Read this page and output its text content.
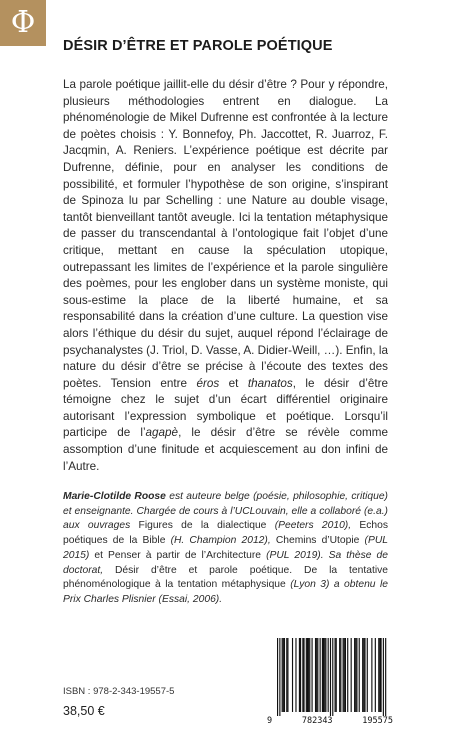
Φ
DÉSIR D’ÊTRE ET PAROLE POÉTIQUE

La parole poétique jaillit-elle du désir d’être ? Pour y répondre, plusieurs méthodologies entrent en dialogue. La phénoménologie de Mikel Dufrenne est confrontée à la lecture de poètes choisis : Y. Bonnefoy, Ph. Jaccottet, R. Juarroz, F. Jacqmin, A. Reniers. L’expérience poétique est décrite par Dufrenne, définie, pour en analyser les conditions de possibilité, et formuler l’hypothèse de son origine, s’inspirant de Spinoza lu par Schelling : une Nature au double visage, tantôt bienveillant tantôt aveugle. Ici la tentation métaphysique de passer du transcendantal à l’ontologique fait l’objet d’une critique, mettant en cause la spéculation utopique, outrepassant les limites de l’expérience et la parole singulière des poèmes, pour les englober dans un système moniste, qui sous-estime la place de la liberté humaine, et sa responsabilité dans la création d’une culture. La question vise alors l’éthique du désir du sujet, auquel répond l’éclairage de psychanalystes (J. Triol, D. Vasse, A. Didier-Weill, …). Enfin, la nature du désir d’être se précise à l’écoute des textes des poètes. Tension entre éros et thanatos, le désir d’être témoigne chez le sujet d’un écart différentiel originaire autorisant l’expression symbolique et poétique. Lorsqu’il participe de l’agapè, le désir d’être se révèle comme assomption d’une finitude et acquiescement au don infini de l’Autre.

Marie-Clotilde Roose est auteure belge (poésie, philosophie, critique) et enseignante. Chargée de cours à l’UCLouvain, elle a collaboré (e.a.) aux ouvrages Figures de la dialectique (Peeters 2010), Echos poétiques de la Bible (H. Champion 2012), Chemins d’Utopie (PUL 2015) et Penser à partir de l’Architecture (PUL 2019). Sa thèse de doctorat, Désir d’être et parole poétique. De la tentative phénoménologique à la tentation métaphysique (Lyon 3) a obtenu le Prix Charles Plisnier (Essai, 2006).

ISBN : 978-2-343-19557-5
38,50 €
9	782343	195575
